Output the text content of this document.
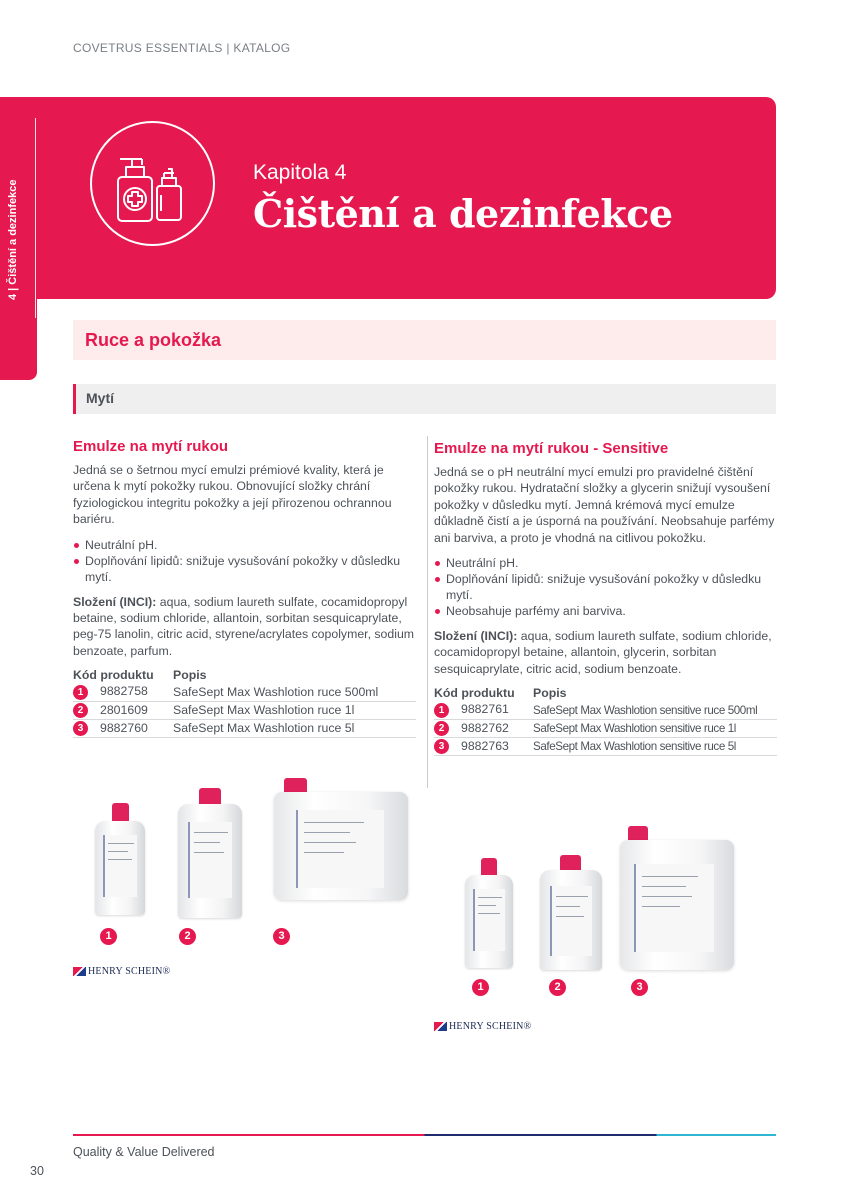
COVETRUS ESSENTIALS | KATALOG
4 | Čištění a dezinfekce
Kapitola 4
Čištění a dezinfekce
Ruce a pokožka
Mytí
Emulze na mytí rukou
Jedná se o šetrnou mycí emulzi prémiové kvality, která je určena k mytí pokožky rukou. Obnovující složky chrání fyziologickou integritu pokožky a její přirozenou ochrannou bariéru.
Neutrální pH.
Doplňování lipidů: snižuje vysušování pokožky v důsledku mytí.
Složení (INCI): aqua, sodium laureth sulfate, cocamidopropyl betaine, sodium chloride, allantoin, sorbitan sesquicaprylate, peg-75 lanolin, citric acid, styrene/acrylates copolymer, sodium benzoate, parfum.
Kód produktu	Popis
1 9882758	SafeSept Max Washlotion ruce 500ml
2 2801609	SafeSept Max Washlotion ruce 1l
3 9882760	SafeSept Max Washlotion ruce 5l
1	2	3
HENRY SCHEIN®
Emulze na mytí rukou - Sensitive
Jedná se o pH neutrální mycí emulzi pro pravidelné čištění pokožky rukou. Hydratační složky a glycerin snižují vysoušení pokožky v důsledku mytí. Jemná krémová mycí emulze důkladně čistí a je úsporná na používání. Neobsahuje parfémy ani barviva, a proto je vhodná na citlivou pokožku.
Neutrální pH.
Doplňování lipidů: snižuje vysušování pokožky v důsledku mytí.
Neobsahuje parfémy ani barviva.
Složení (INCI): aqua, sodium laureth sulfate, sodium chloride, cocamidopropyl betaine, allantoin, glycerin, sorbitan sesquicaprylate, citric acid, sodium benzoate.
Kód produktu	Popis
1 9882761	SafeSept Max Washlotion sensitive ruce 500ml
2 9882762	SafeSept Max Washlotion sensitive ruce 1l
3 9882763	SafeSept Max Washlotion sensitive ruce 5l
1	2	3
HENRY SCHEIN®
Quality & Value Delivered
30
